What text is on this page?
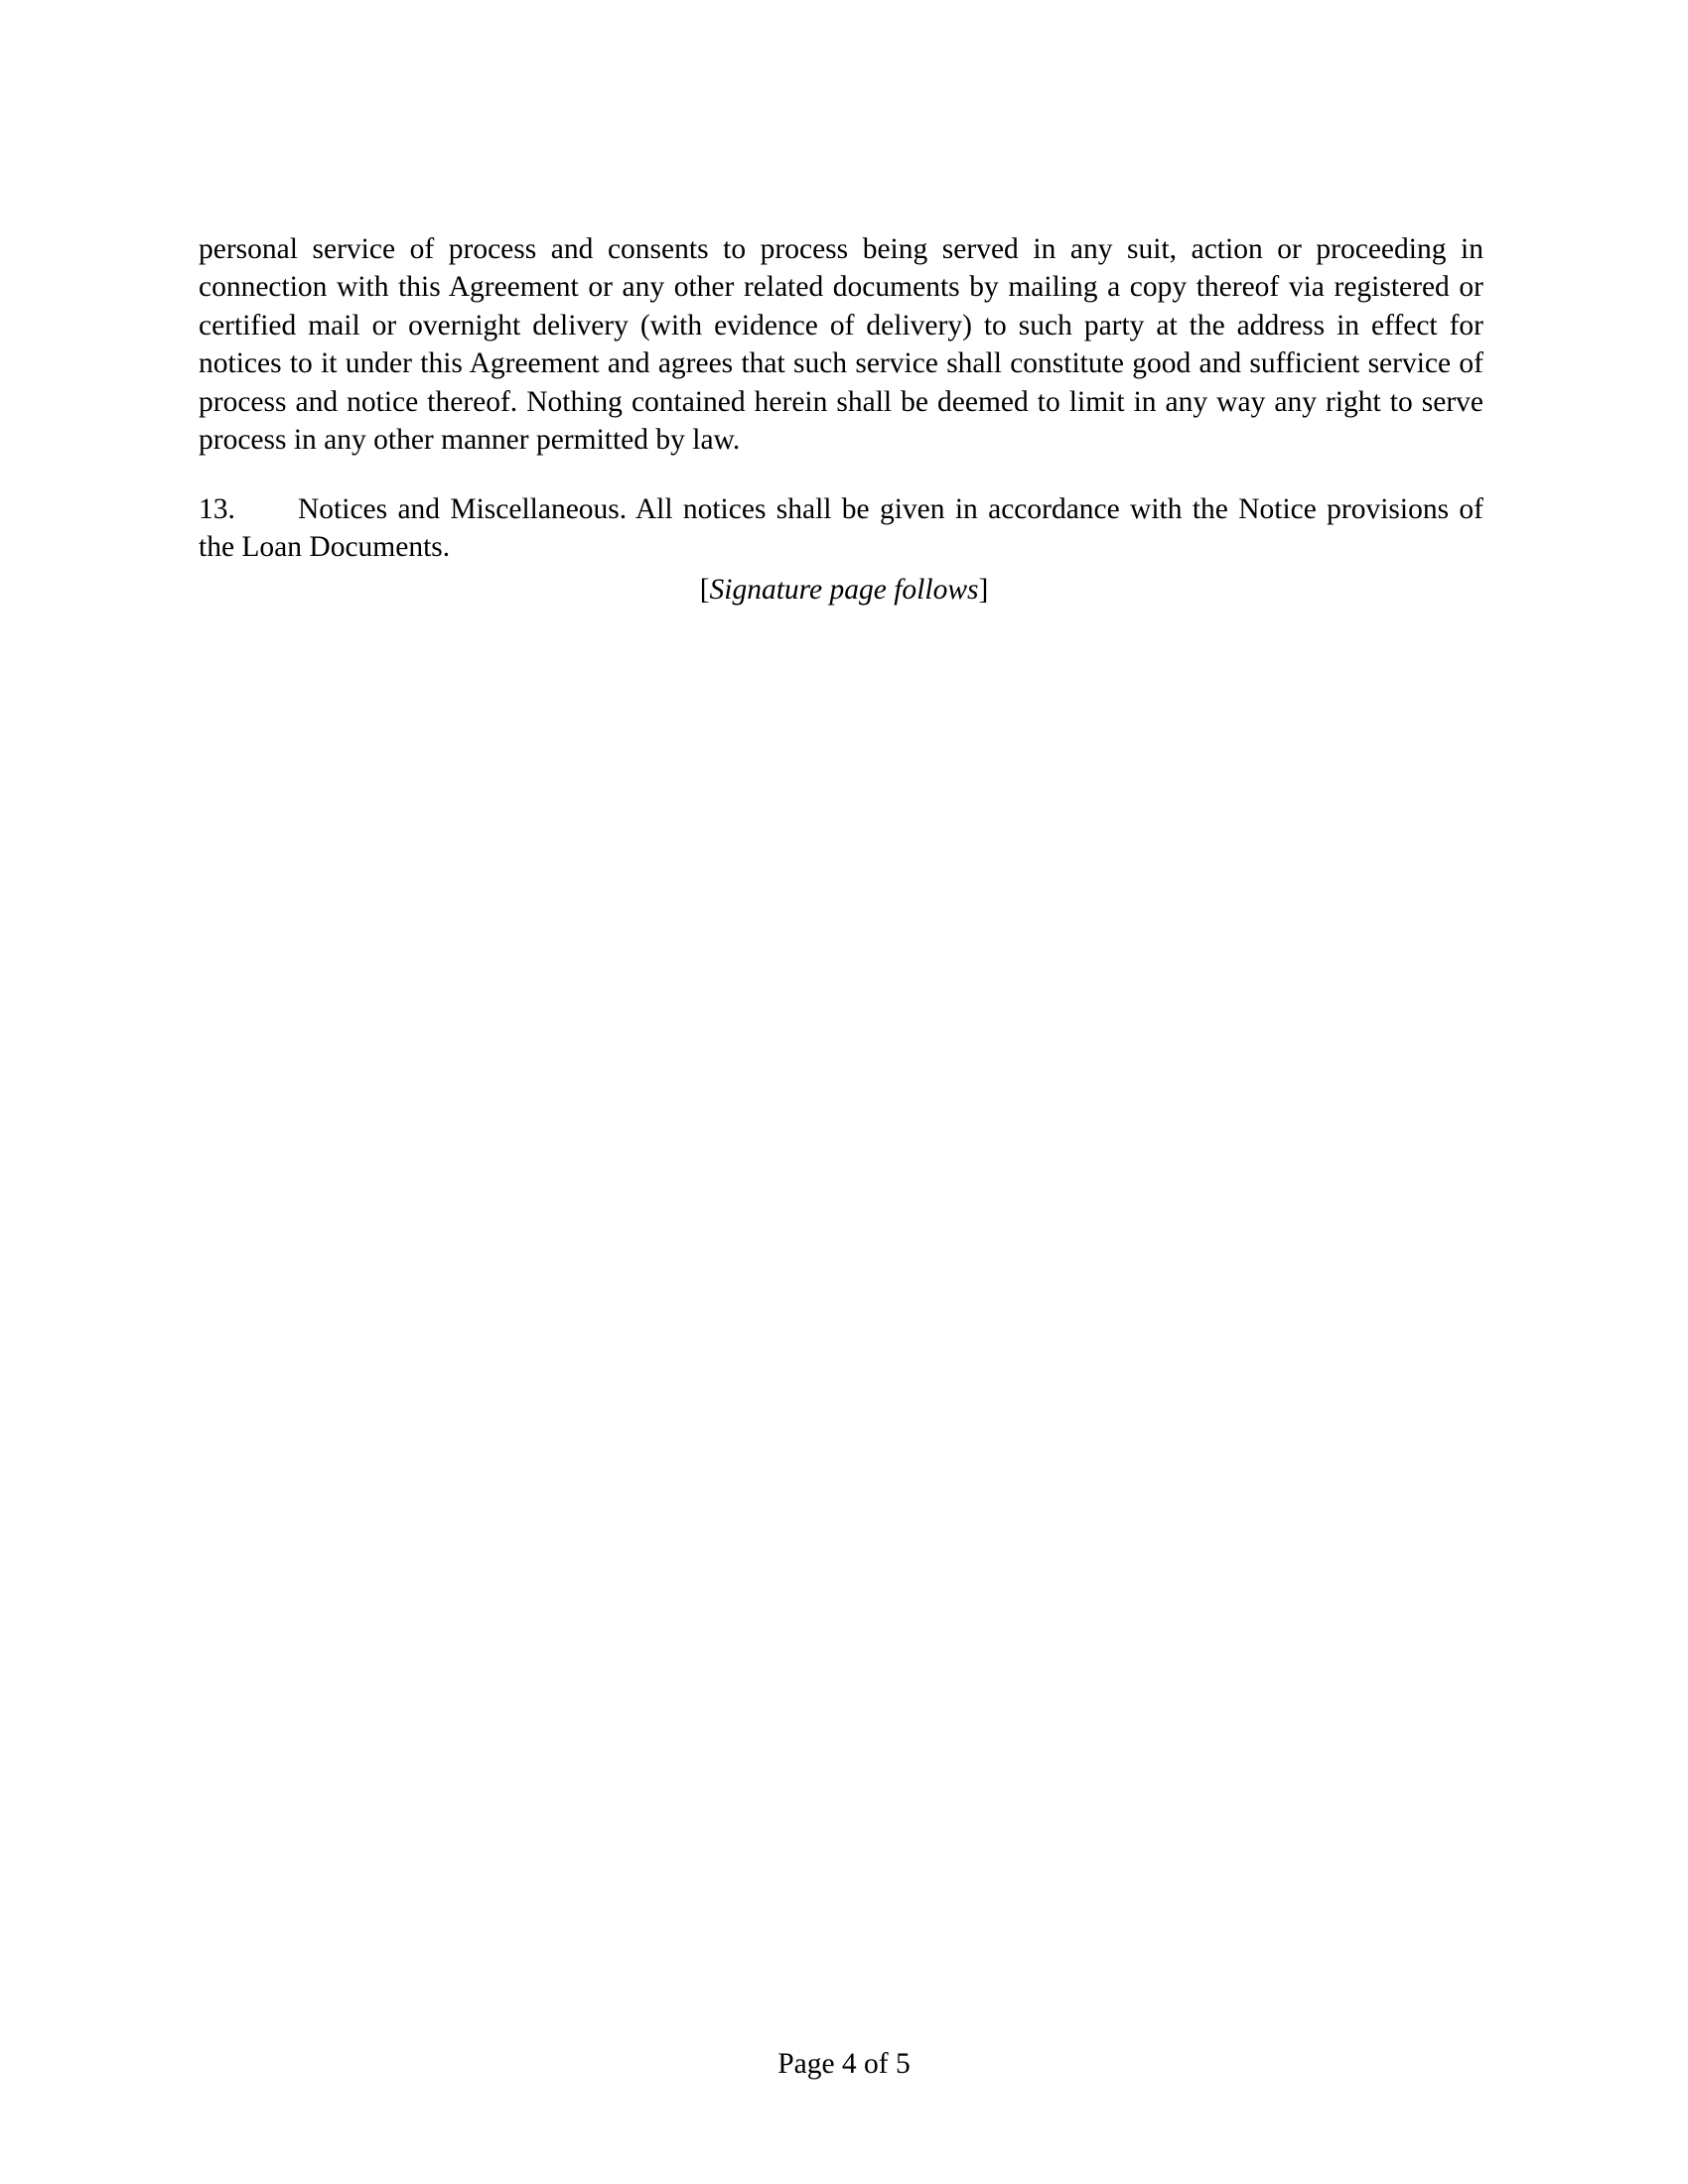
personal service of process and consents to process being served in any suit, action or proceeding in connection with this Agreement or any other related documents by mailing a copy thereof via registered or certified mail or overnight delivery (with evidence of delivery) to such party at the address in effect for notices to it under this Agreement and agrees that such service shall constitute good and sufficient service of process and notice thereof. Nothing contained herein shall be deemed to limit in any way any right to serve process in any other manner permitted by law.

13. Notices and Miscellaneous. All notices shall be given in accordance with the Notice provisions of the Loan Documents.

[Signature page follows]
Page 4 of 5
